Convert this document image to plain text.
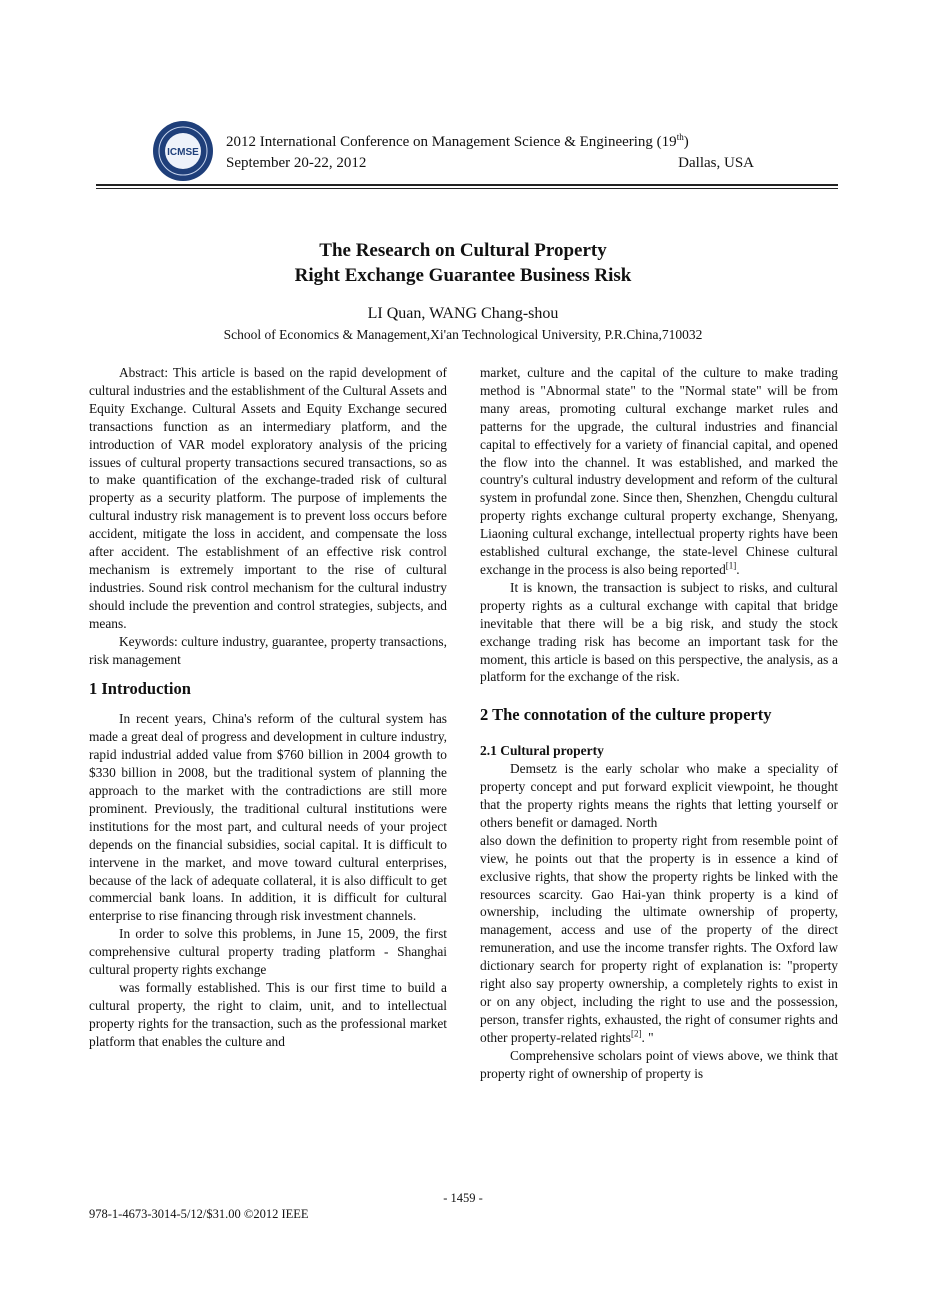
ICMSE
2012 International Conference on Management Science & Engineering (19th)
September 20-22, 2012	Dallas, USA
The Research on Cultural Property
Right Exchange Guarantee Business Risk
LI Quan, WANG Chang-shou
School of Economics & Management,Xi'an Technological University, P.R.China,710032

Abstract: This article is based on the rapid development of cultural industries and the establishment of the Cultural Assets and Equity Exchange. Cultural Assets and Equity Exchange secured transactions function as an intermediary platform, and the introduction of VAR model exploratory analysis of the pricing issues of cultural property transactions secured transactions, so as to make quantification of the exchange-traded risk of cultural property as a security platform. The purpose of implements the cultural industry risk management is to prevent loss occurs before accident, mitigate the loss in accident, and compensate the loss after accident. The establishment of an effective risk control mechanism is extremely important to the rise of cultural industries. Sound risk control mechanism for the cultural industry should include the prevention and control strategies, subjects, and means.

Keywords: culture industry, guarantee, property transactions, risk management

1 Introduction

In recent years, China's reform of the cultural system has made a great deal of progress and development in culture industry, rapid industrial added value from $760 billion in 2004 growth to $330 billion in 2008, but the traditional system of planning the approach to the market with the contradictions are still more prominent. Previously, the traditional cultural institutions were institutions for the most part, and cultural needs of your project depends on the financial subsidies, social capital. It is difficult to intervene in the market, and move toward cultural enterprises, because of the lack of adequate collateral, it is also difficult to get commercial bank loans. In addition, it is difficult for cultural enterprise to rise financing through risk investment channels.

In order to solve this problems, in June 15, 2009, the first comprehensive cultural property trading platform - Shanghai cultural property rights exchange

was formally established. This is our first time to build a cultural property, the right to claim, unit, and to intellectual property rights for the transaction, such as the professional market platform that enables the culture and

market, culture and the capital of the culture to make trading method is "Abnormal state" to the "Normal state" will be from many areas, promoting cultural exchange market rules and patterns for the upgrade, the cultural industries and financial capital to effectively for a variety of financial capital, and opened the flow into the channel. It was established, and marked the country's cultural industry development and reform of the cultural system in profundal zone. Since then, Shenzhen, Chengdu cultural property rights exchange cultural property exchange, Shenyang, Liaoning cultural exchange, intellectual property rights have been established cultural exchange, the state-level Chinese cultural exchange in the process is also being reported[1].

It is known, the transaction is subject to risks, and cultural property rights as a cultural exchange with capital that bridge inevitable that there will be a big risk, and study the stock exchange trading risk has become an important task for the moment, this article is based on this perspective, the analysis, as a platform for the exchange of the risk.

2 The connotation of the culture property
2.1 Cultural property

Demsetz is the early scholar who make a speciality of property concept and put forward explicit viewpoint, he thought that the property rights means the rights that letting yourself or others benefit or damaged. North

also down the definition to property right from resemble point of view, he points out that the property is in essence a kind of exclusive rights, that show the property rights be linked with the resources scarcity. Gao Hai-yan think property is a kind of ownership, including the ultimate ownership of property, management, access and use of the property of the direct remuneration, and use the income transfer rights. The Oxford law dictionary search for property right of explanation is: "property right also say property ownership, a completely rights to exist in or on any object, including the right to use and the possession, person, transfer rights, exhausted, the right of consumer rights and other property-related rights[2]. "

Comprehensive scholars point of views above, we think that property right of ownership of property is

- 1459 -
978-1-4673-3014-5/12/$31.00 ©2012 IEEE
